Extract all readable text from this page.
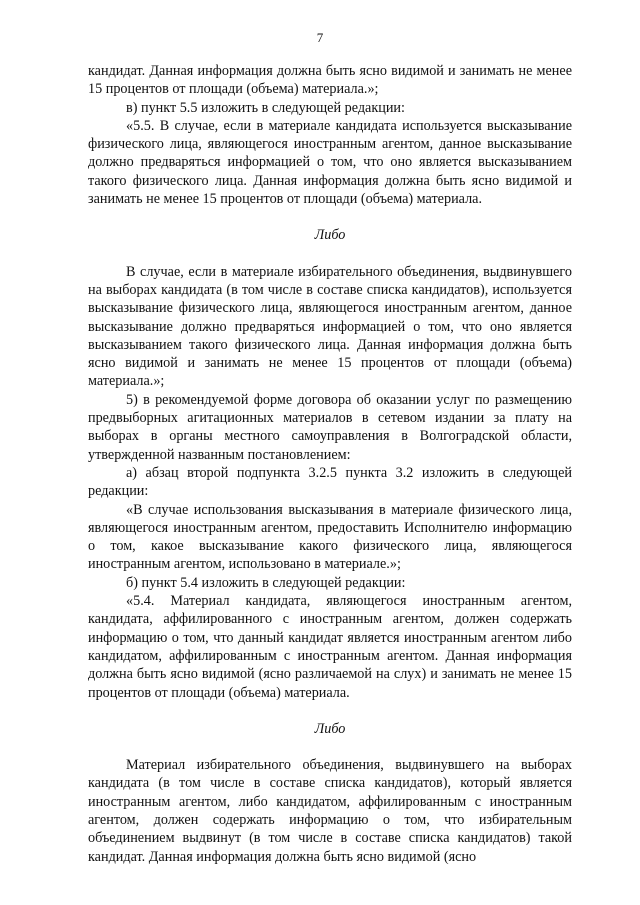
7

кандидат. Данная информация должна быть ясно видимой и занимать не менее 15 процентов от площади (объема) материала.»;

в) пункт 5.5 изложить в следующей редакции:

«5.5. В случае, если в материале кандидата используется высказывание физического лица, являющегося иностранным агентом, данное высказывание должно предваряться информацией о том, что оно является высказыванием такого физического лица. Данная информация должна быть ясно видимой и занимать не менее 15 процентов от площади (объема) материала.

Либо

В случае, если в материале избирательного объединения, выдвинувшего на выборах кандидата (в том числе в составе списка кандидатов), используется высказывание физического лица, являющегося иностранным агентом, данное высказывание должно предваряться информацией о том, что оно является высказыванием такого физического лица. Данная информация должна быть ясно видимой и занимать не менее 15 процентов от площади (объема) материала.»;

5) в рекомендуемой форме договора об оказании услуг по размещению предвыборных агитационных материалов в сетевом издании за плату на выборах в органы местного самоуправления в Волгоградской области, утвержденной названным постановлением:

а) абзац второй подпункта 3.2.5 пункта 3.2 изложить в следующей редакции:

«В случае использования высказывания в материале физического лица, являющегося иностранным агентом, предоставить Исполнителю информацию о том, какое высказывание какого физического лица, являющегося иностранным агентом, использовано в материале.»;

б) пункт 5.4 изложить в следующей редакции:

«5.4. Материал кандидата, являющегося иностранным агентом, кандидата, аффилированного с иностранным агентом, должен содержать информацию о том, что данный кандидат является иностранным агентом либо кандидатом, аффилированным с иностранным агентом. Данная информация должна быть ясно видимой (ясно различаемой на слух) и занимать не менее 15 процентов от площади (объема) материала.

Либо

Материал избирательного объединения, выдвинувшего на выборах кандидата (в том числе в составе списка кандидатов), который является иностранным агентом, либо кандидатом, аффилированным с иностранным агентом, должен содержать информацию о том, что избирательным объединением выдвинут (в том числе в составе списка кандидатов) такой кандидат. Данная информация должна быть ясно видимой (ясно
